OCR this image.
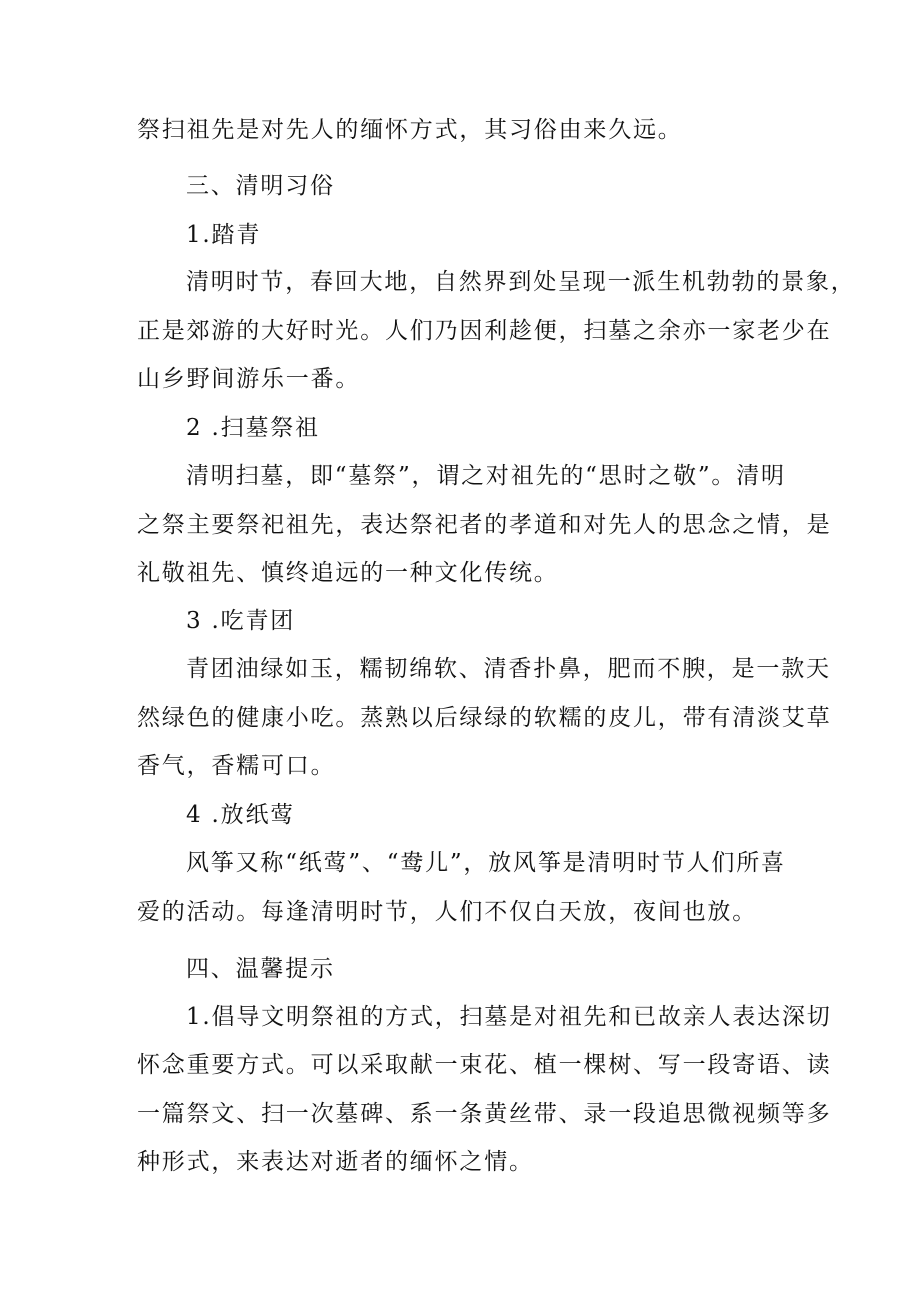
祭扫祖先是对先人的缅怀方式，其习俗由来久远。
三、清明习俗
1.踏青
清明时节，春回大地，自然界到处呈现一派生机勃勃的景象，
正是郊游的大好时光。人们乃因利趁便，扫墓之余亦一家老少在
山乡野间游乐一番。
2 .扫墓祭祖
清明扫墓，即“墓祭”，谓之对祖先的“思时之敬”。清明
之祭主要祭祀祖先，表达祭祀者的孝道和对先人的思念之情，是
礼敬祖先、慎终追远的一种文化传统。
3 .吃青团
青团油绿如玉，糯韧绵软、清香扑鼻，肥而不腴，是一款天
然绿色的健康小吃。蒸熟以后绿绿的软糯的皮儿，带有清淡艾草
香气，香糯可口。
4 .放纸莺
风筝又称“纸莺”、“鸯儿”，放风筝是清明时节人们所喜
爱的活动。每逢清明时节，人们不仅白天放，夜间也放。
四、温馨提示
1.倡导文明祭祖的方式，扫墓是对祖先和已故亲人表达深切
怀念重要方式。可以采取献一束花、植一棵树、写一段寄语、读
一篇祭文、扫一次墓碑、系一条黄丝带、录一段追思微视频等多
种形式，来表达对逝者的缅怀之情。
